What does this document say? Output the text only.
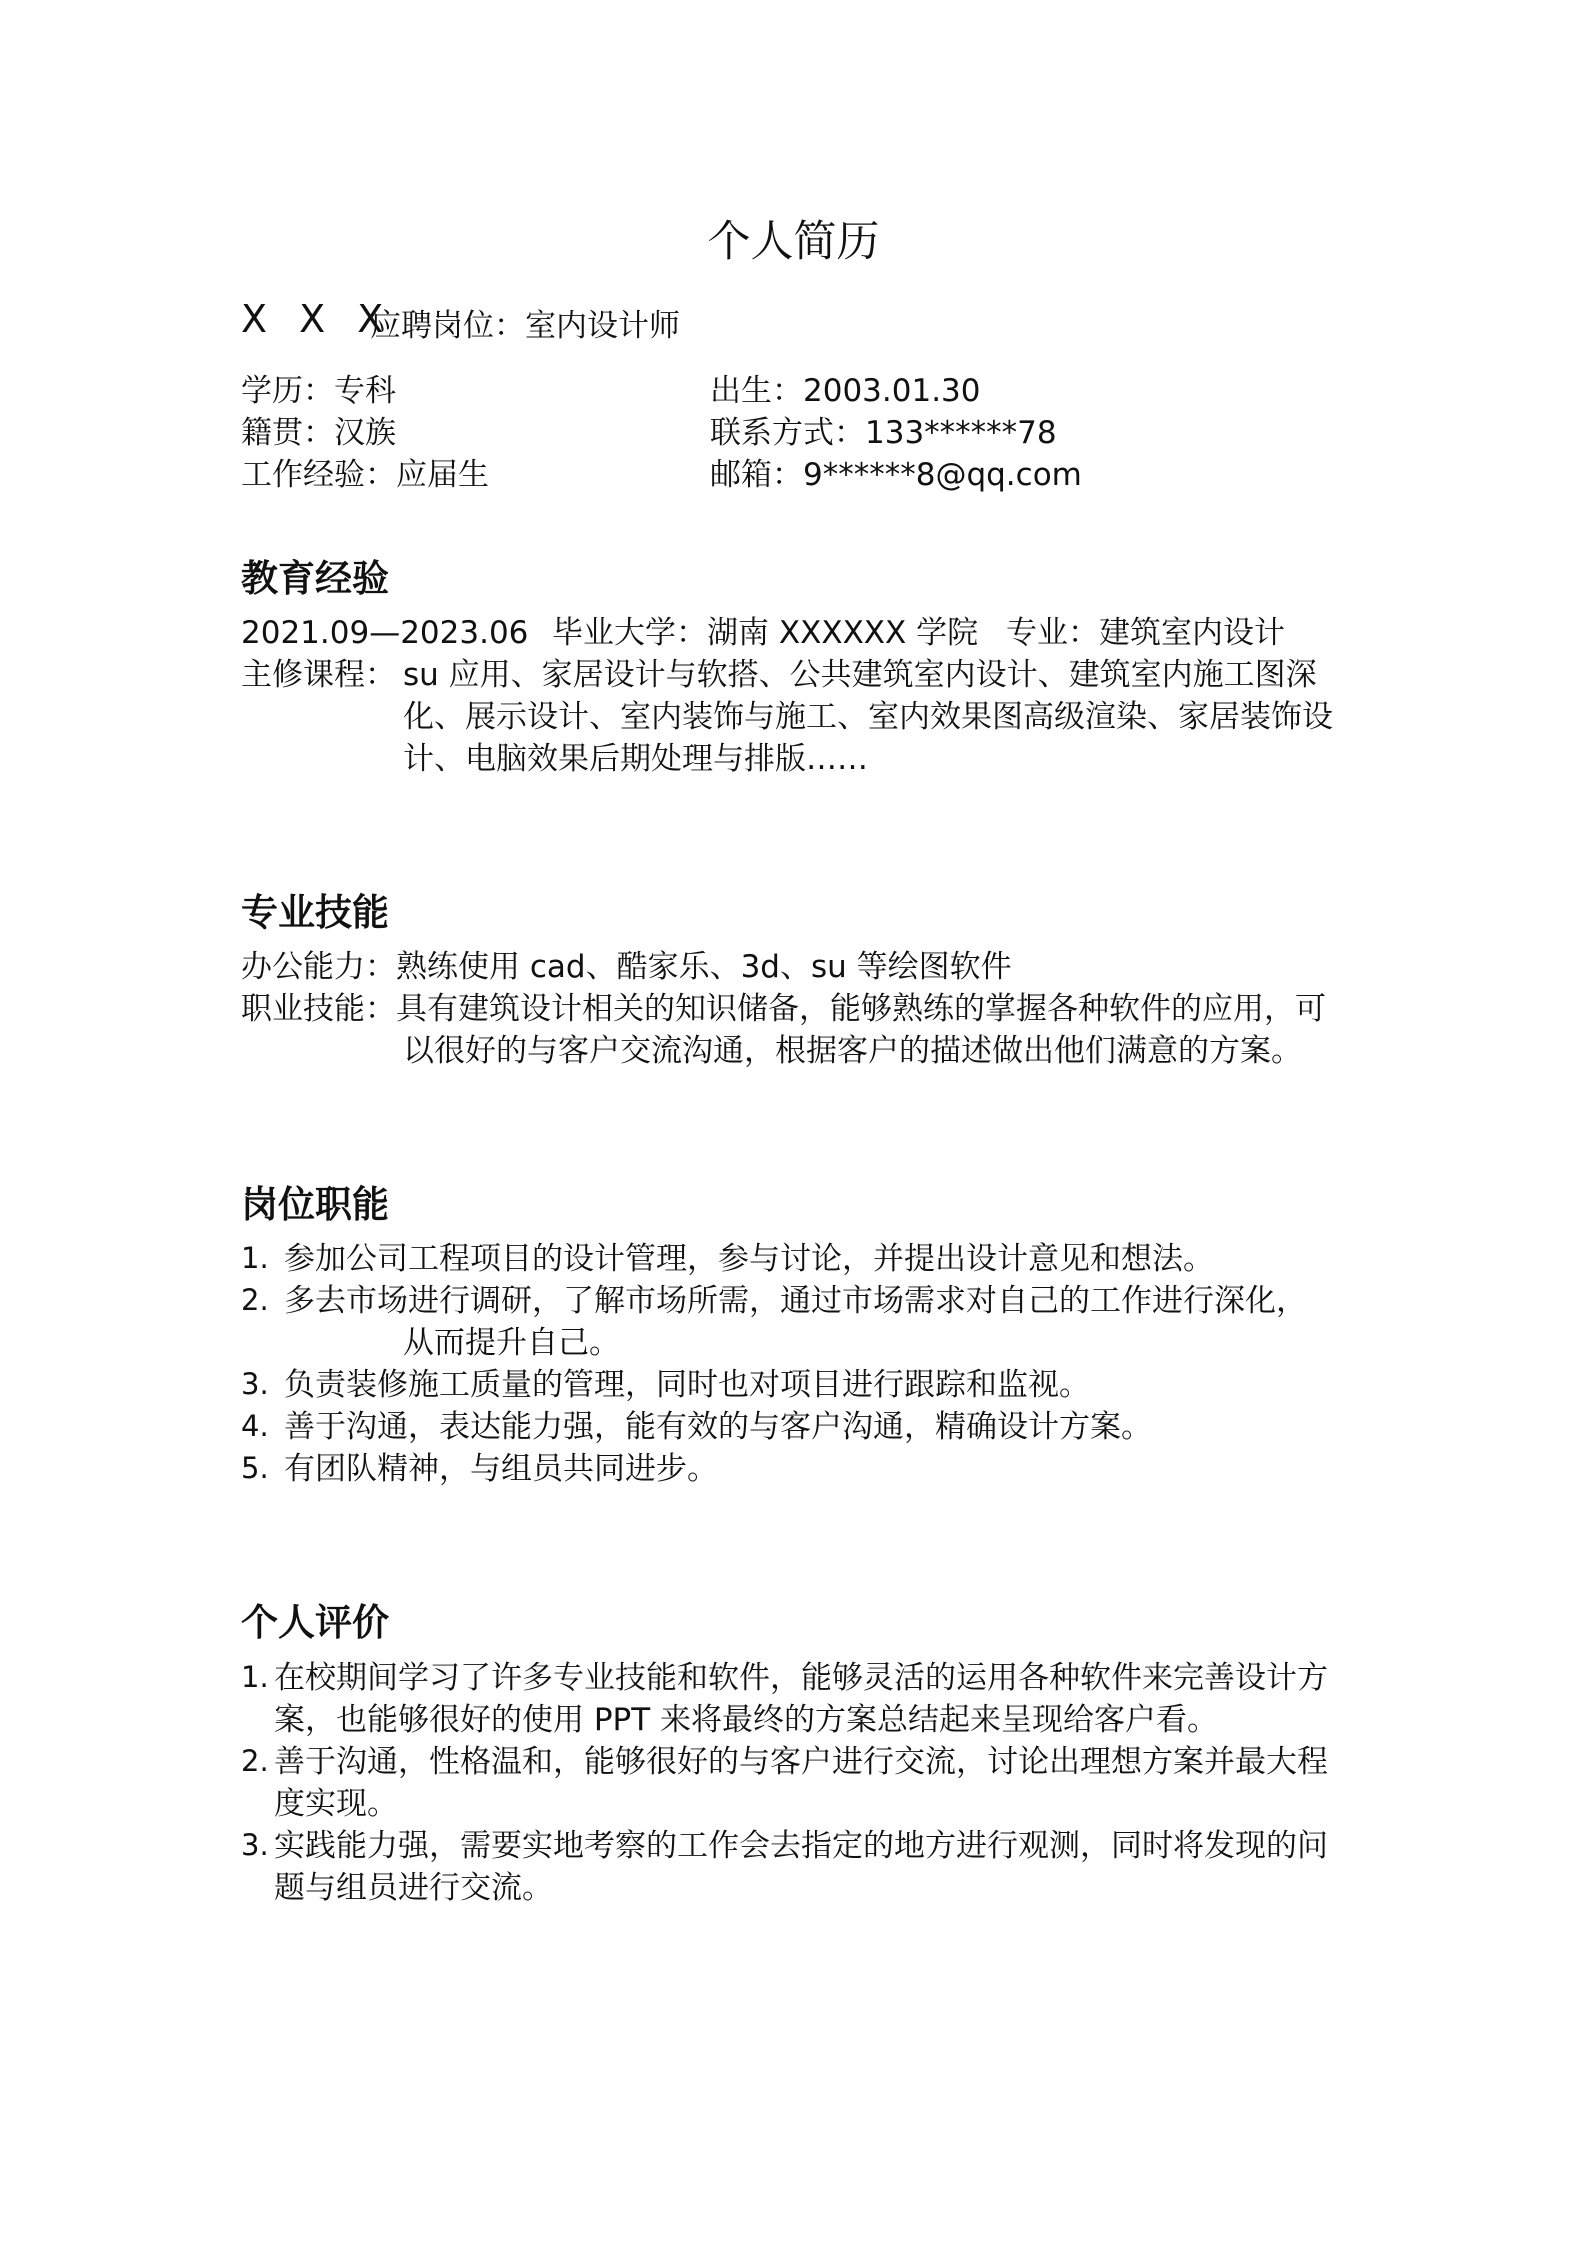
个人简历
X X X
应聘岗位：室内设计师
学历：专科	出生：2003.01.30
籍贯：汉族	联系方式：133******78
工作经验：应届生	邮箱：9******8@qq.com
教育经验
2021.09—2023.06 毕业大学：湖南 XXXXXX 学院 专业：建筑室内设计
主修课程： su 应用、家居设计与软搭、公共建筑室内设计、建筑室内施工图深
化、展示设计、室内装饰与施工、室内效果图高级渲染、家居装饰设
计、电脑效果后期处理与排版……
专业技能
办公能力：熟练使用 cad、酷家乐、3d、su 等绘图软件
职业技能：具有建筑设计相关的知识储备，能够熟练的掌握各种软件的应用，可
以很好的与客户交流沟通，根据客户的描述做出他们满意的方案。
岗位职能
1. 参加公司工程项目的设计管理，参与讨论，并提出设计意见和想法。
2. 多去市场进行调研，了解市场所需，通过市场需求对自己的工作进行深化，
从而提升自己。
3. 负责装修施工质量的管理，同时也对项目进行跟踪和监视。
4. 善于沟通，表达能力强，能有效的与客户沟通，精确设计方案。
5. 有团队精神，与组员共同进步。
个人评价
1. 在校期间学习了许多专业技能和软件，能够灵活的运用各种软件来完善设计方
案，也能够很好的使用 PPT 来将最终的方案总结起来呈现给客户看。
2. 善于沟通，性格温和，能够很好的与客户进行交流，讨论出理想方案并最大程
度实现。
3. 实践能力强，需要实地考察的工作会去指定的地方进行观测，同时将发现的问
题与组员进行交流。
